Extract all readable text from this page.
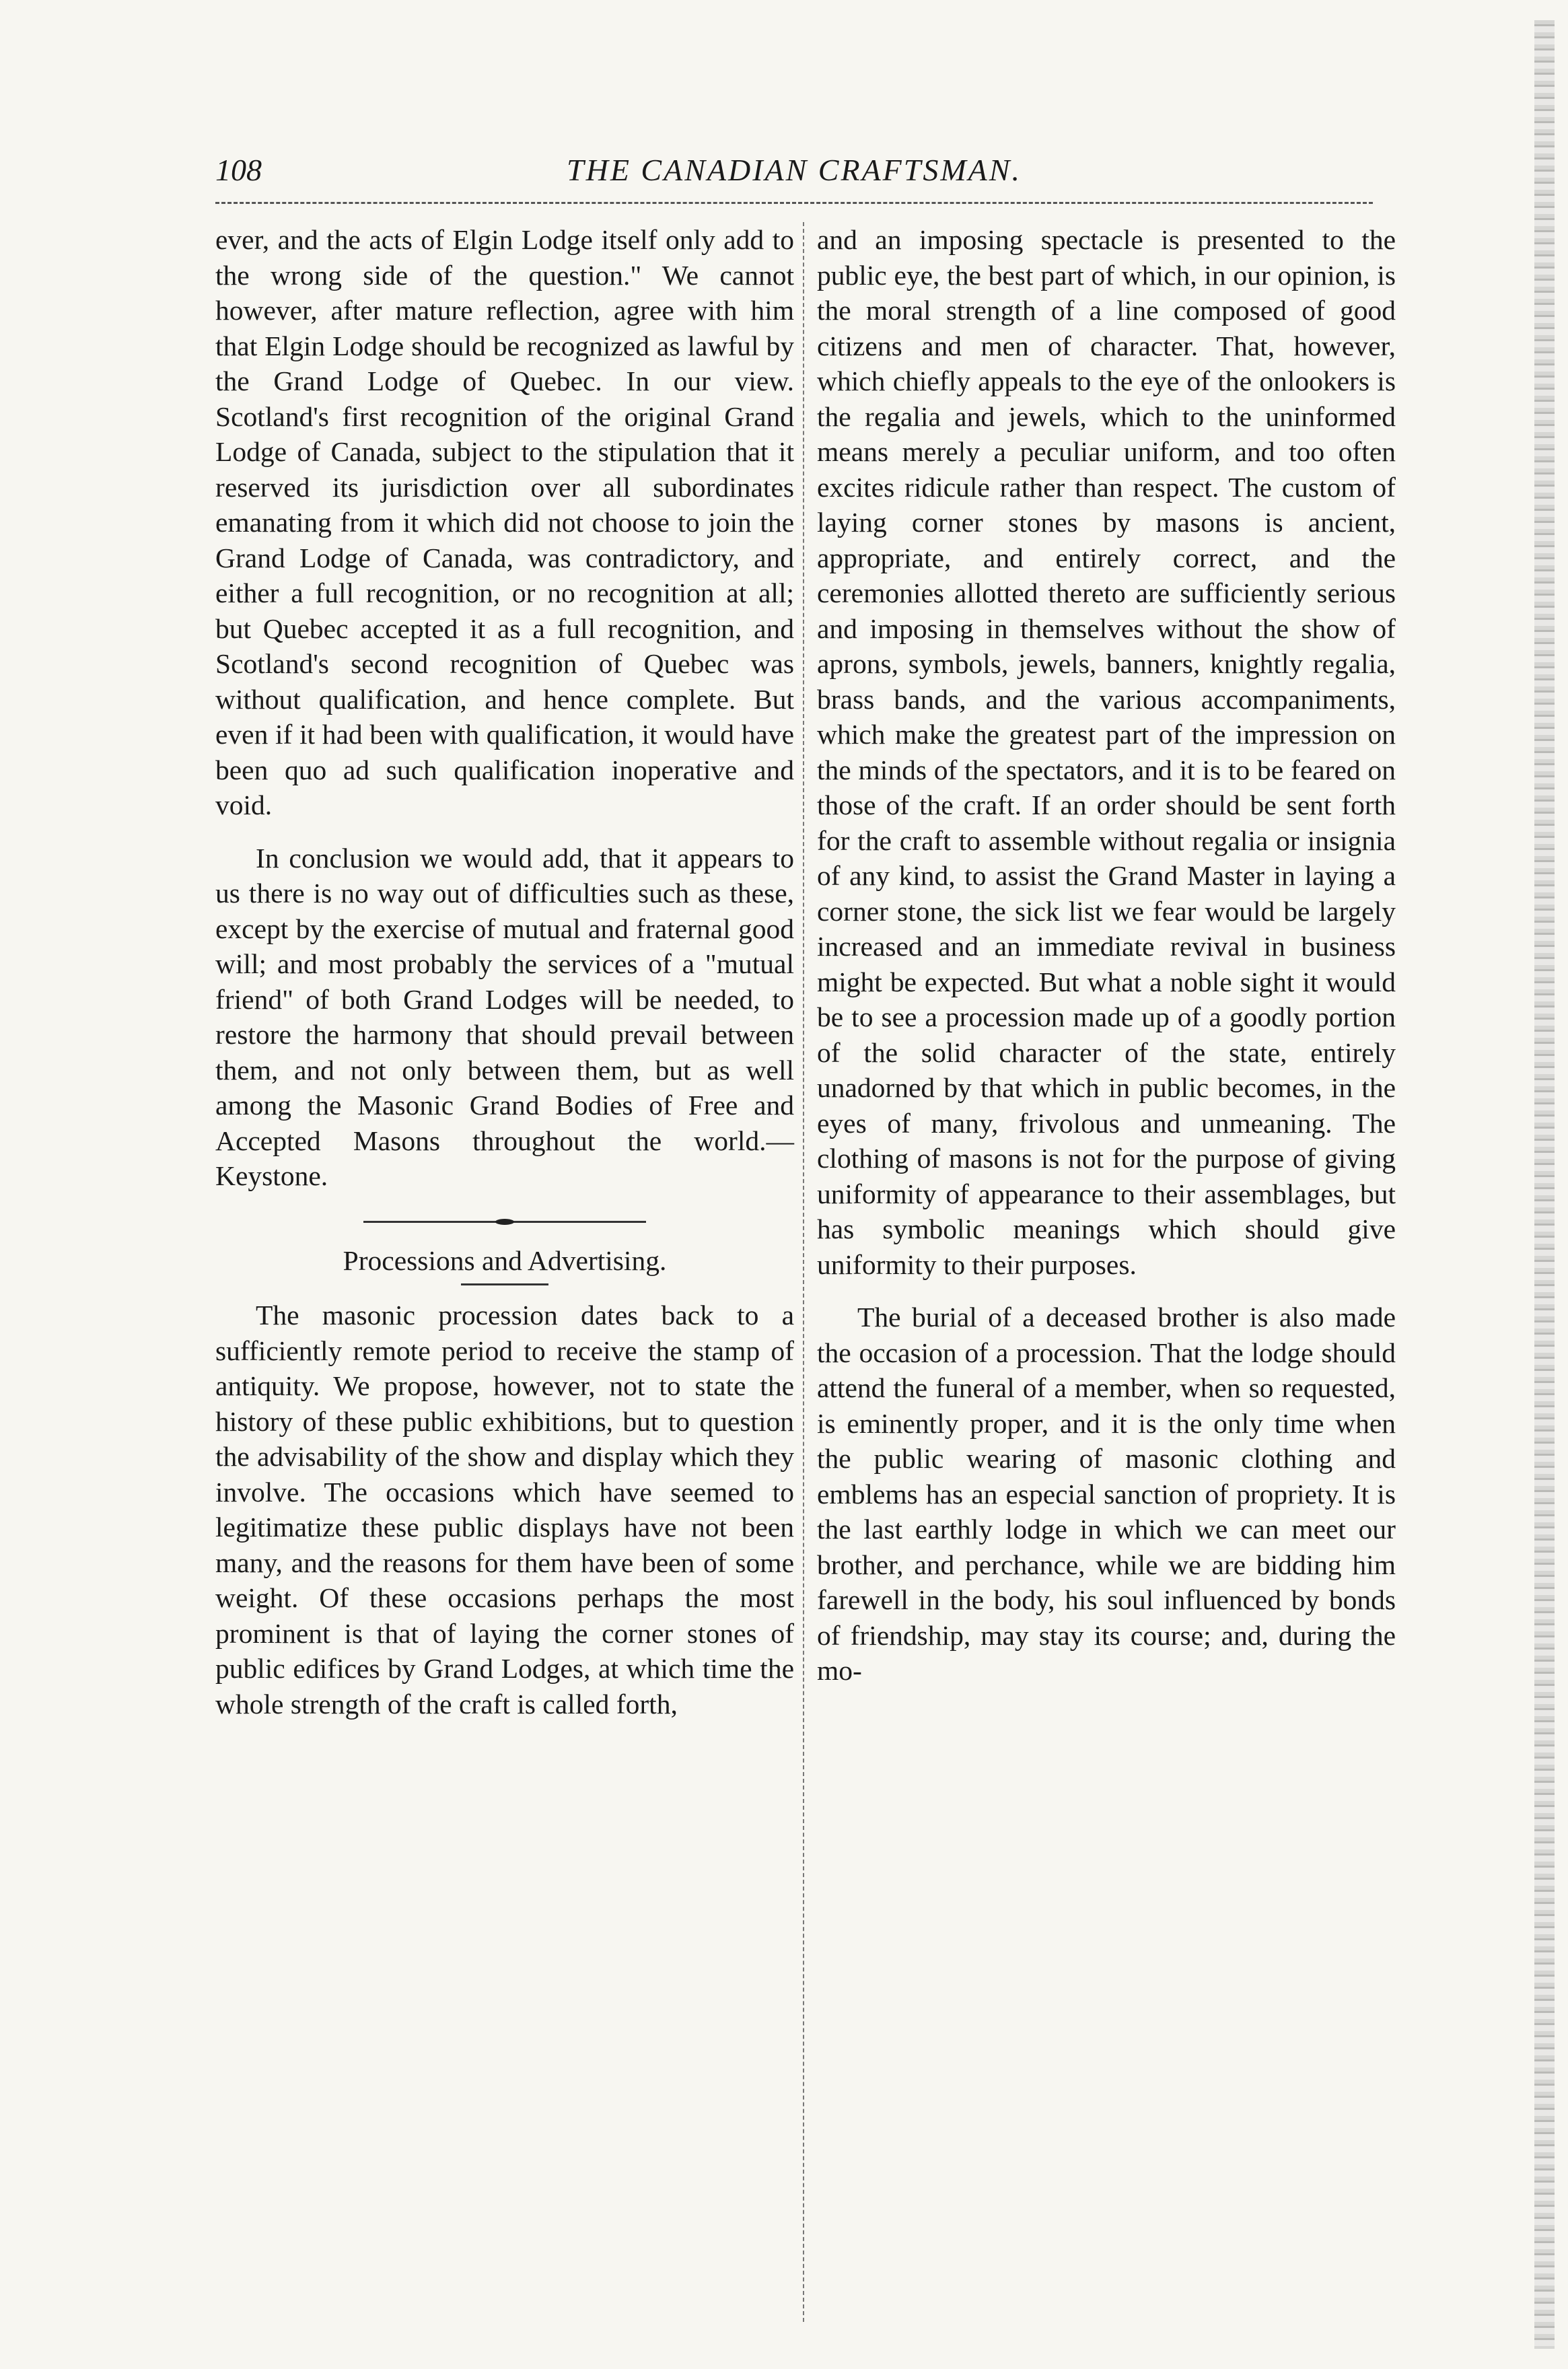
108	THE CANADIAN CRAFTSMAN.

ever, and the acts of Elgin Lodge itself only add to the wrong side of the question." We cannot however, after mature reflection, agree with him that Elgin Lodge should be recognized as lawful by the Grand Lodge of Quebec. In our view. Scotland's first recognition of the original Grand Lodge of Canada, subject to the stipulation that it reserved its jurisdiction over all subordinates emanating from it which did not choose to join the Grand Lodge of Canada, was contradictory, and either a full recognition, or no recognition at all; but Quebec accepted it as a full recognition, and Scotland's second recognition of Quebec was without qualification, and hence complete. But even if it had been with qualification, it would have been quo ad such qualification inoperative and void.

In conclusion we would add, that it appears to us there is no way out of difficulties such as these, except by the exercise of mutual and fraternal good will; and most probably the services of a "mutual friend" of both Grand Lodges will be needed, to restore the harmony that should prevail between them, and not only between them, but as well among the Masonic Grand Bodies of Free and Accepted Masons throughout the world.—Keystone.

Processions and Advertising.

The masonic procession dates back to a sufficiently remote period to receive the stamp of antiquity. We propose, however, not to state the history of these public exhibitions, but to question the advisability of the show and display which they involve. The occasions which have seemed to legitimatize these public displays have not been many, and the reasons for them have been of some weight. Of these occasions perhaps the most prominent is that of laying the corner stones of public edifices by Grand Lodges, at which time the whole strength of the craft is called forth,

and an imposing spectacle is presented to the public eye, the best part of which, in our opinion, is the moral strength of a line composed of good citizens and men of character. That, however, which chiefly appeals to the eye of the onlookers is the regalia and jewels, which to the uninformed means merely a peculiar uniform, and too often excites ridicule rather than respect. The custom of laying corner stones by masons is ancient, appropriate, and entirely correct, and the ceremonies allotted thereto are sufficiently serious and imposing in themselves without the show of aprons, symbols, jewels, banners, knightly regalia, brass bands, and the various accompaniments, which make the greatest part of the impression on the minds of the spectators, and it is to be feared on those of the craft. If an order should be sent forth for the craft to assemble without regalia or insignia of any kind, to assist the Grand Master in laying a corner stone, the sick list we fear would be largely increased and an immediate revival in business might be expected. But what a noble sight it would be to see a procession made up of a goodly portion of the solid character of the state, entirely unadorned by that which in public becomes, in the eyes of many, frivolous and unmeaning. The clothing of masons is not for the purpose of giving uniformity of appearance to their assemblages, but has symbolic meanings which should give uniformity to their purposes.

The burial of a deceased brother is also made the occasion of a procession. That the lodge should attend the funeral of a member, when so requested, is eminently proper, and it is the only time when the public wearing of masonic clothing and emblems has an especial sanction of propriety. It is the last earthly lodge in which we can meet our brother, and perchance, while we are bidding him farewell in the body, his soul influenced by bonds of friendship, may stay its course; and, during the mo-
